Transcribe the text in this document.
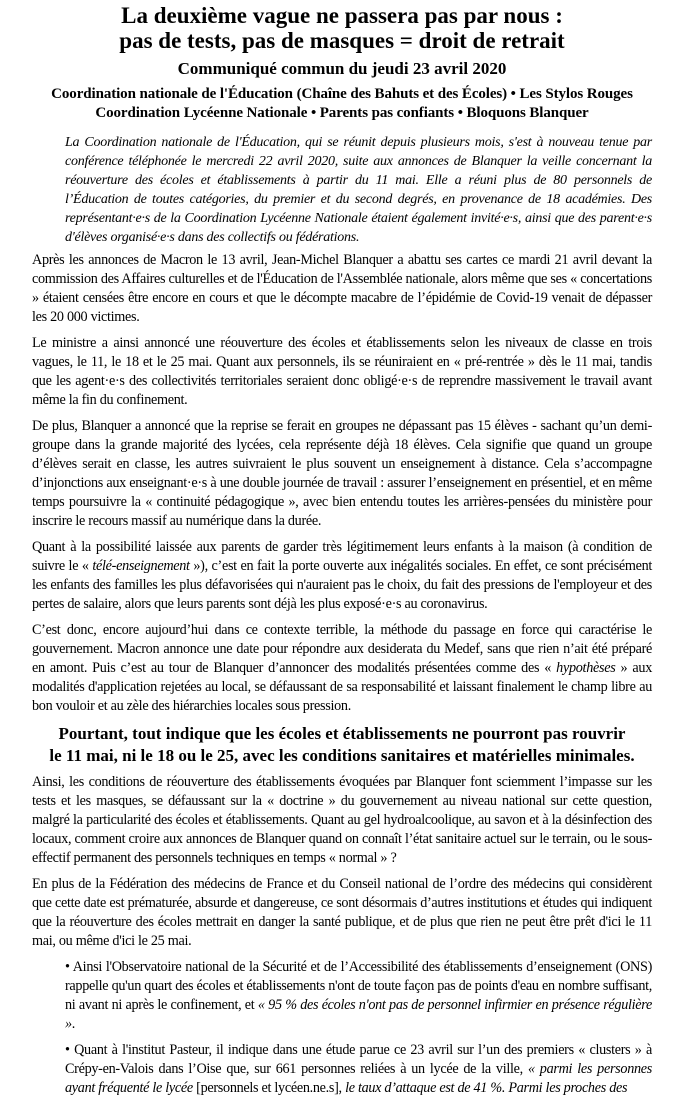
La deuxième vague ne passera pas par nous :
pas de tests, pas de masques = droit de retrait
Communiqué commun du jeudi 23 avril 2020
Coordination nationale de l'Éducation (Chaîne des Bahuts et des Écoles) • Les Stylos Rouges
Coordination Lycéenne Nationale • Parents pas confiants • Bloquons Blanquer
La Coordination nationale de l'Éducation, qui se réunit depuis plusieurs mois, s'est à nouveau tenue par conférence téléphonée le mercredi 22 avril 2020, suite aux annonces de Blanquer la veille concernant la réouverture des écoles et établissements à partir du 11 mai. Elle a réuni plus de 80 personnels de l’Éducation de toutes catégories, du premier et du second degrés, en provenance de 18 académies. Des représentant·e·s de la Coordination Lycéenne Nationale étaient également invité·e·s, ainsi que des parent·e·s d'élèves organisé·e·s dans des collectifs ou fédérations.

Après les annonces de Macron le 13 avril, Jean-Michel Blanquer a abattu ses cartes ce mardi 21 avril devant la commission des Affaires culturelles et de l'Éducation de l'Assemblée nationale, alors même que ses « concertations » étaient censées être encore en cours et que le décompte macabre de l’épidémie de Covid-19 venait de dépasser les 20 000 victimes.

Le ministre a ainsi annoncé une réouverture des écoles et établissements selon les niveaux de classe en trois vagues, le 11, le 18 et le 25 mai. Quant aux personnels, ils se réuniraient en « pré-rentrée » dès le 11 mai, tandis que les agent·e·s des collectivités territoriales seraient donc obligé·e·s de reprendre massivement le travail avant même la fin du confinement.

De plus, Blanquer a annoncé que la reprise se ferait en groupes ne dépassant pas 15 élèves - sachant qu’un demi-groupe dans la grande majorité des lycées, cela représente déjà 18 élèves. Cela signifie que quand un groupe d’élèves serait en classe, les autres suivraient le plus souvent un enseignement à distance. Cela s’accompagne d’injonctions aux enseignant·e·s à une double journée de travail : assurer l’enseignement en présentiel, et en même temps poursuivre la « continuité pédagogique », avec bien entendu toutes les arrières-pensées du ministère pour inscrire le recours massif au numérique dans la durée.

Quant à la possibilité laissée aux parents de garder très légitimement leurs enfants à la maison (à condition de suivre le « télé-enseignement »), c’est en fait la porte ouverte aux inégalités sociales. En effet, ce sont précisément les enfants des familles les plus défavorisées qui n'auraient pas le choix, du fait des pressions de l'employeur et des pertes de salaire, alors que leurs parents sont déjà les plus exposé·e·s au coronavirus.

C’est donc, encore aujourd’hui dans ce contexte terrible, la méthode du passage en force qui caractérise le gouvernement. Macron annonce une date pour répondre aux desiderata du Medef, sans que rien n’ait été préparé en amont. Puis c’est au tour de Blanquer d’annoncer des modalités présentées comme des « hypothèses » aux modalités d'application rejetées au local, se défaussant de sa responsabilité et laissant finalement le champ libre au bon vouloir et au zèle des hiérarchies locales sous pression.

Pourtant, tout indique que les écoles et établissements ne pourront pas rouvrir
le 11 mai, ni le 18 ou le 25, avec les conditions sanitaires et matérielles minimales.

Ainsi, les conditions de réouverture des établissements évoquées par Blanquer font sciemment l’impasse sur les tests et les masques, se défaussant sur la « doctrine » du gouvernement au niveau national sur cette question, malgré la particularité des écoles et établissements. Quant au gel hydroalcoolique, au savon et à la désinfection des locaux, comment croire aux annonces de Blanquer quand on connaît l’état sanitaire actuel sur le terrain, ou le sous-effectif permanent des personnels techniques en temps « normal » ?

En plus de la Fédération des médecins de France et du Conseil national de l’ordre des médecins qui considèrent que cette date est prématurée, absurde et dangereuse, ce sont désormais d’autres institutions et études qui indiquent que la réouverture des écoles mettrait en danger la santé publique, et de plus que rien ne peut être prêt d'ici le 11 mai, ou même d'ici le 25 mai.

• Ainsi l'Observatoire national de la Sécurité et de l’Accessibilité des établissements d’enseignement (ONS) rappelle qu'un quart des écoles et établissements n'ont de toute façon pas de points d'eau en nombre suffisant, ni avant ni après le confinement, et « 95 % des écoles n'ont pas de personnel infirmier en présence régulière ».

• Quant à l'institut Pasteur, il indique dans une étude parue ce 23 avril sur l’un des premiers « clusters » à Crépy-en-Valois dans l’Oise que, sur 661 personnes reliées à un lycée de la ville, « parmi les personnes ayant fréquenté le lycée [personnels et lycéen.ne.s], le taux d’attaque est de 41 %. Parmi les proches des
